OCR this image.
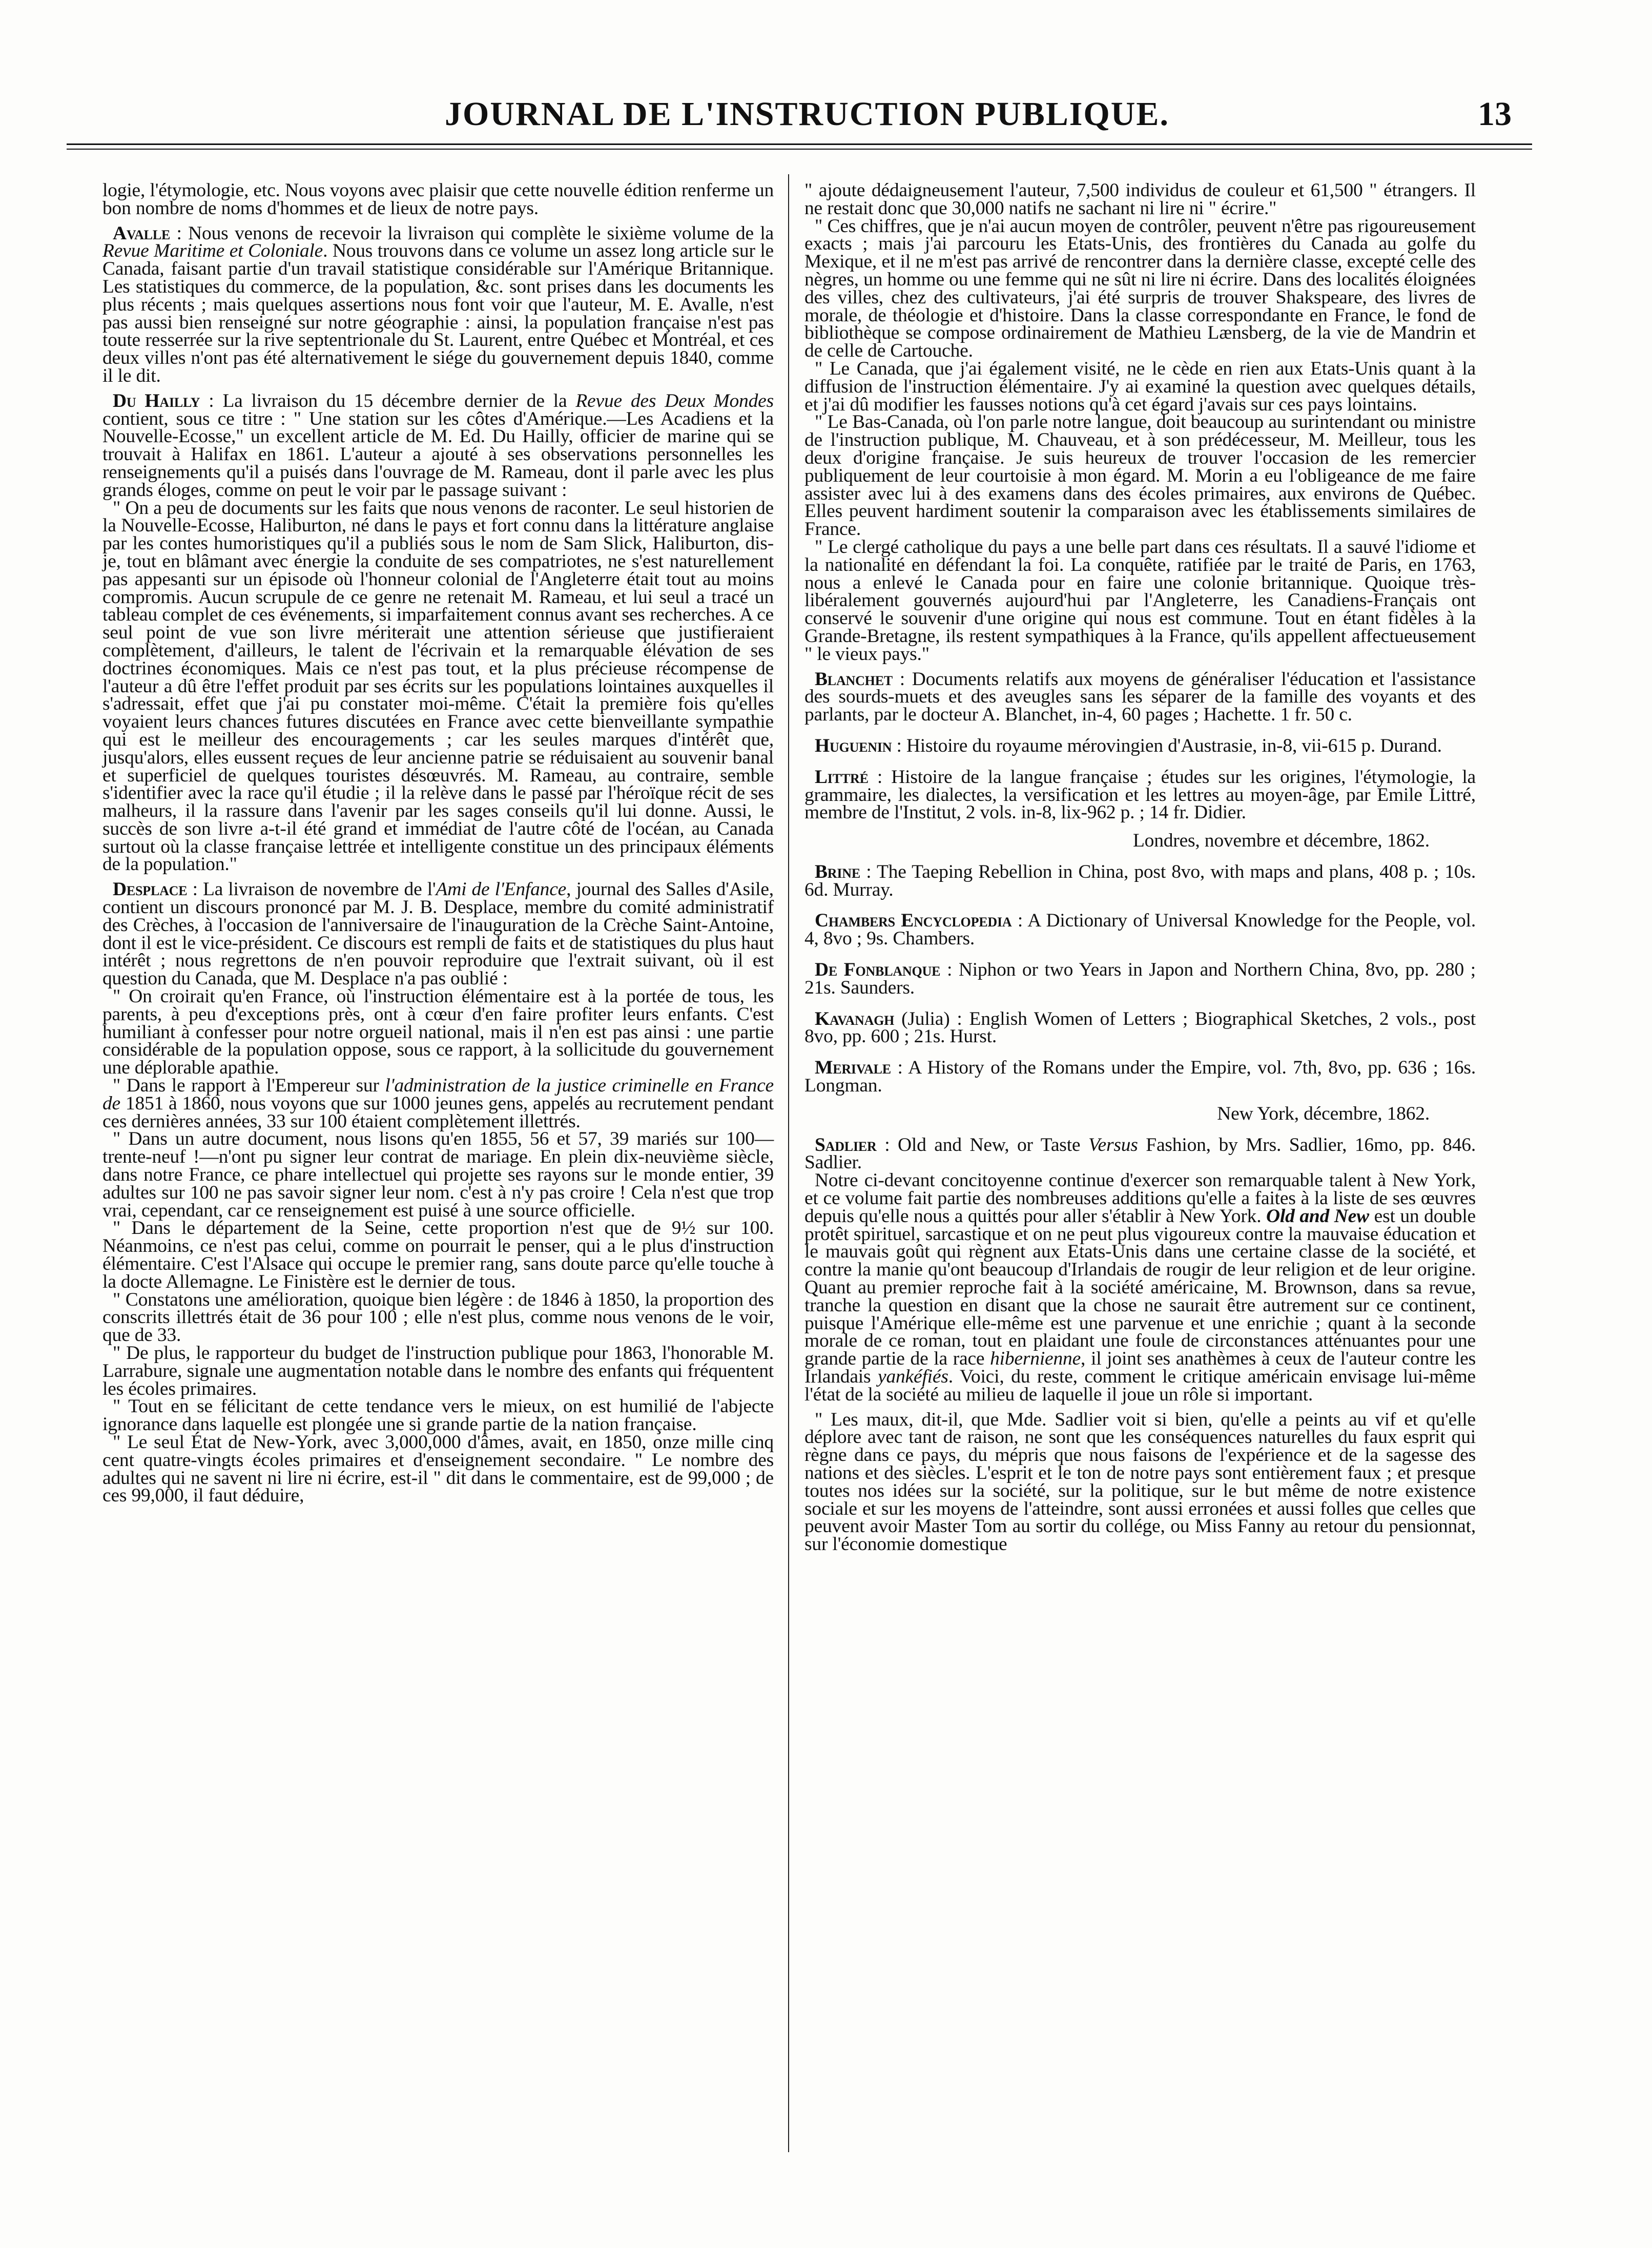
JOURNAL DE L'INSTRUCTION PUBLIQUE.	13

logie, l'étymologie, etc. Nous voyons avec plaisir que cette nouvelle édition renferme un bon nombre de noms d'hommes et de lieux de notre pays.

Avalle : Nous venons de recevoir la livraison qui complète le sixième volume de la Revue Maritime et Coloniale. Nous trouvons dans ce volume un assez long article sur le Canada, faisant partie d'un travail statistique considérable sur l'Amérique Britannique. Les statistiques du commerce, de la population, &c. sont prises dans les documents les plus récents ; mais quelques assertions nous font voir que l'auteur, M. E. Avalle, n'est pas aussi bien renseigné sur notre géographie : ainsi, la population française n'est pas toute resserrée sur la rive septentrionale du St. Laurent, entre Québec et Montréal, et ces deux villes n'ont pas été alternativement le siége du gouvernement depuis 1840, comme il le dit.

Du Hailly : La livraison du 15 décembre dernier de la Revue des Deux Mondes contient, sous ce titre : " Une station sur les côtes d'Amérique.—Les Acadiens et la Nouvelle-Ecosse," un excellent article de M. Ed. Du Hailly, officier de marine qui se trouvait à Halifax en 1861. L'auteur a ajouté à ses observations personnelles les renseignements qu'il a puisés dans l'ouvrage de M. Rameau, dont il parle avec les plus grands éloges, comme on peut le voir par le passage suivant :

" On a peu de documents sur les faits que nous venons de raconter. Le seul historien de la Nouvelle-Ecosse, Haliburton, né dans le pays et fort connu dans la littérature anglaise par les contes humoristiques qu'il a publiés sous le nom de Sam Slick, Haliburton, dis-je, tout en blâmant avec énergie la conduite de ses compatriotes, ne s'est naturellement pas appesanti sur un épisode où l'honneur colonial de l'Angleterre était tout au moins compromis. Aucun scrupule de ce genre ne retenait M. Rameau, et lui seul a tracé un tableau complet de ces événements, si imparfaitement connus avant ses recherches. A ce seul point de vue son livre mériterait une attention sérieuse que justifieraient complètement, d'ailleurs, le talent de l'écrivain et la remarquable élévation de ses doctrines économiques. Mais ce n'est pas tout, et la plus précieuse récompense de l'auteur a dû être l'effet produit par ses écrits sur les populations lointaines auxquelles il s'adressait, effet que j'ai pu constater moi-même. C'était la première fois qu'elles voyaient leurs chances futures discutées en France avec cette bienveillante sympathie qui est le meilleur des encouragements ; car les seules marques d'intérêt que, jusqu'alors, elles eussent reçues de leur ancienne patrie se réduisaient au souvenir banal et superficiel de quelques touristes désœuvrés. M. Rameau, au contraire, semble s'identifier avec la race qu'il étudie ; il la relève dans le passé par l'héroïque récit de ses malheurs, il la rassure dans l'avenir par les sages conseils qu'il lui donne. Aussi, le succès de son livre a-t-il été grand et immédiat de l'autre côté de l'océan, au Canada surtout où la classe française lettrée et intelligente constitue un des principaux éléments de la population."

Desplace : La livraison de novembre de l'Ami de l'Enfance, journal des Salles d'Asile, contient un discours prononcé par M. J. B. Desplace, membre du comité administratif des Crèches, à l'occasion de l'anniversaire de l'inauguration de la Crèche Saint-Antoine, dont il est le vice-président. Ce discours est rempli de faits et de statistiques du plus haut intérêt ; nous regrettons de n'en pouvoir reproduire que l'extrait suivant, où il est question du Canada, que M. Desplace n'a pas oublié :

" On croirait qu'en France, où l'instruction élémentaire est à la portée de tous, les parents, à peu d'exceptions près, ont à cœur d'en faire profiter leurs enfants. C'est humiliant à confesser pour notre orgueil national, mais il n'en est pas ainsi : une partie considérable de la population oppose, sous ce rapport, à la sollicitude du gouvernement une déplorable apathie.

" Dans le rapport à l'Empereur sur l'administration de la justice criminelle en France de 1851 à 1860, nous voyons que sur 1000 jeunes gens, appelés au recrutement pendant ces dernières années, 33 sur 100 étaient complètement illettrés.

" Dans un autre document, nous lisons qu'en 1855, 56 et 57, 39 mariés sur 100—trente-neuf !—n'ont pu signer leur contrat de mariage. En plein dix-neuvième siècle, dans notre France, ce phare intellectuel qui projette ses rayons sur le monde entier, 39 adultes sur 100 ne pas savoir signer leur nom. c'est à n'y pas croire ! Cela n'est que trop vrai, cependant, car ce renseignement est puisé à une source officielle.

" Dans le département de la Seine, cette proportion n'est que de 9½ sur 100. Néanmoins, ce n'est pas celui, comme on pourrait le penser, qui a le plus d'instruction élémentaire. C'est l'Alsace qui occupe le premier rang, sans doute parce qu'elle touche à la docte Allemagne. Le Finistère est le dernier de tous.

" Constatons une amélioration, quoique bien légère : de 1846 à 1850, la proportion des conscrits illettrés était de 36 pour 100 ; elle n'est plus, comme nous venons de le voir, que de 33.

" De plus, le rapporteur du budget de l'instruction publique pour 1863, l'honorable M. Larrabure, signale une augmentation notable dans le nombre des enfants qui fréquentent les écoles primaires.

" Tout en se félicitant de cette tendance vers le mieux, on est humilié de l'abjecte ignorance dans laquelle est plongée une si grande partie de la nation française.

" Le seul État de New-York, avec 3,000,000 d'âmes, avait, en 1850, onze mille cinq cent quatre-vingts écoles primaires et d'enseignement secondaire. " Le nombre des adultes qui ne savent ni lire ni écrire, est-il " dit dans le commentaire, est de 99,000 ; de ces 99,000, il faut déduire,

" ajoute dédaigneusement l'auteur, 7,500 individus de couleur et 61,500 " étrangers. Il ne restait donc que 30,000 natifs ne sachant ni lire ni " écrire."

" Ces chiffres, que je n'ai aucun moyen de contrôler, peuvent n'être pas rigoureusement exacts ; mais j'ai parcouru les Etats-Unis, des frontières du Canada au golfe du Mexique, et il ne m'est pas arrivé de rencontrer dans la dernière classe, excepté celle des nègres, un homme ou une femme qui ne sût ni lire ni écrire. Dans des localités éloignées des villes, chez des cultivateurs, j'ai été surpris de trouver Shakspeare, des livres de morale, de théologie et d'histoire. Dans la classe correspondante en France, le fond de bibliothèque se compose ordinairement de Mathieu Lænsberg, de la vie de Mandrin et de celle de Cartouche.

" Le Canada, que j'ai également visité, ne le cède en rien aux Etats-Unis quant à la diffusion de l'instruction élémentaire. J'y ai examiné la question avec quelques détails, et j'ai dû modifier les fausses notions qu'à cet égard j'avais sur ces pays lointains.

" Le Bas-Canada, où l'on parle notre langue, doit beaucoup au surintendant ou ministre de l'instruction publique, M. Chauveau, et à son prédécesseur, M. Meilleur, tous les deux d'origine française. Je suis heureux de trouver l'occasion de les remercier publiquement de leur courtoisie à mon égard. M. Morin a eu l'obligeance de me faire assister avec lui à des examens dans des écoles primaires, aux environs de Québec. Elles peuvent hardiment soutenir la comparaison avec les établissements similaires de France.

" Le clergé catholique du pays a une belle part dans ces résultats. Il a sauvé l'idiome et la nationalité en défendant la foi. La conquête, ratifiée par le traité de Paris, en 1763, nous a enlevé le Canada pour en faire une colonie britannique. Quoique très-libéralement gouvernés aujourd'hui par l'Angleterre, les Canadiens-Français ont conservé le souvenir d'une origine qui nous est commune. Tout en étant fidèles à la Grande-Bretagne, ils restent sympathiques à la France, qu'ils appellent affectueusement " le vieux pays."

Blanchet : Documents relatifs aux moyens de généraliser l'éducation et l'assistance des sourds-muets et des aveugles sans les séparer de la famille des voyants et des parlants, par le docteur A. Blanchet, in-4, 60 pages ; Hachette. 1 fr. 50 c.

Huguenin : Histoire du royaume mérovingien d'Austrasie, in-8, vii-615 p. Durand.

Littré : Histoire de la langue française ; études sur les origines, l'étymologie, la grammaire, les dialectes, la versification et les lettres au moyen-âge, par Emile Littré, membre de l'Institut, 2 vols. in-8, lix-962 p. ; 14 fr. Didier.

Londres, novembre et décembre, 1862.

Brine : The Taeping Rebellion in China, post 8vo, with maps and plans, 408 p. ; 10s. 6d. Murray.

Chambers Encyclopedia : A Dictionary of Universal Knowledge for the People, vol. 4, 8vo ; 9s. Chambers.

De Fonblanque : Niphon or two Years in Japon and Northern China, 8vo, pp. 280 ; 21s. Saunders.

Kavanagh (Julia) : English Women of Letters ; Biographical Sketches, 2 vols., post 8vo, pp. 600 ; 21s. Hurst.

Merivale : A History of the Romans under the Empire, vol. 7th, 8vo, pp. 636 ; 16s. Longman.

New York, décembre, 1862.

Sadlier : Old and New, or Taste Versus Fashion, by Mrs. Sadlier, 16mo, pp. 846. Sadlier.

Notre ci-devant concitoyenne continue d'exercer son remarquable talent à New York, et ce volume fait partie des nombreuses additions qu'elle a faites à la liste de ses œuvres depuis qu'elle nous a quittés pour aller s'établir à New York. Old and New est un double protêt spirituel, sarcastique et on ne peut plus vigoureux contre la mauvaise éducation et le mauvais goût qui règnent aux Etats-Unis dans une certaine classe de la société, et contre la manie qu'ont beaucoup d'Irlandais de rougir de leur religion et de leur origine. Quant au premier reproche fait à la société américaine, M. Brownson, dans sa revue, tranche la question en disant que la chose ne saurait être autrement sur ce continent, puisque l'Amérique elle-même est une parvenue et une enrichie ; quant à la seconde morale de ce roman, tout en plaidant une foule de circonstances atténuantes pour une grande partie de la race hibernienne, il joint ses anathèmes à ceux de l'auteur contre les Irlandais yankéfiés. Voici, du reste, comment le critique américain envisage lui-même l'état de la société au milieu de laquelle il joue un rôle si important.

" Les maux, dit-il, que Mde. Sadlier voit si bien, qu'elle a peints au vif et qu'elle déplore avec tant de raison, ne sont que les conséquences naturelles du faux esprit qui règne dans ce pays, du mépris que nous faisons de l'expérience et de la sagesse des nations et des siècles. L'esprit et le ton de notre pays sont entièrement faux ; et presque toutes nos idées sur la société, sur la politique, sur le but même de notre existence sociale et sur les moyens de l'atteindre, sont aussi erronées et aussi folles que celles que peuvent avoir Master Tom au sortir du collége, ou Miss Fanny au retour du pensionnat, sur l'économie domestique
